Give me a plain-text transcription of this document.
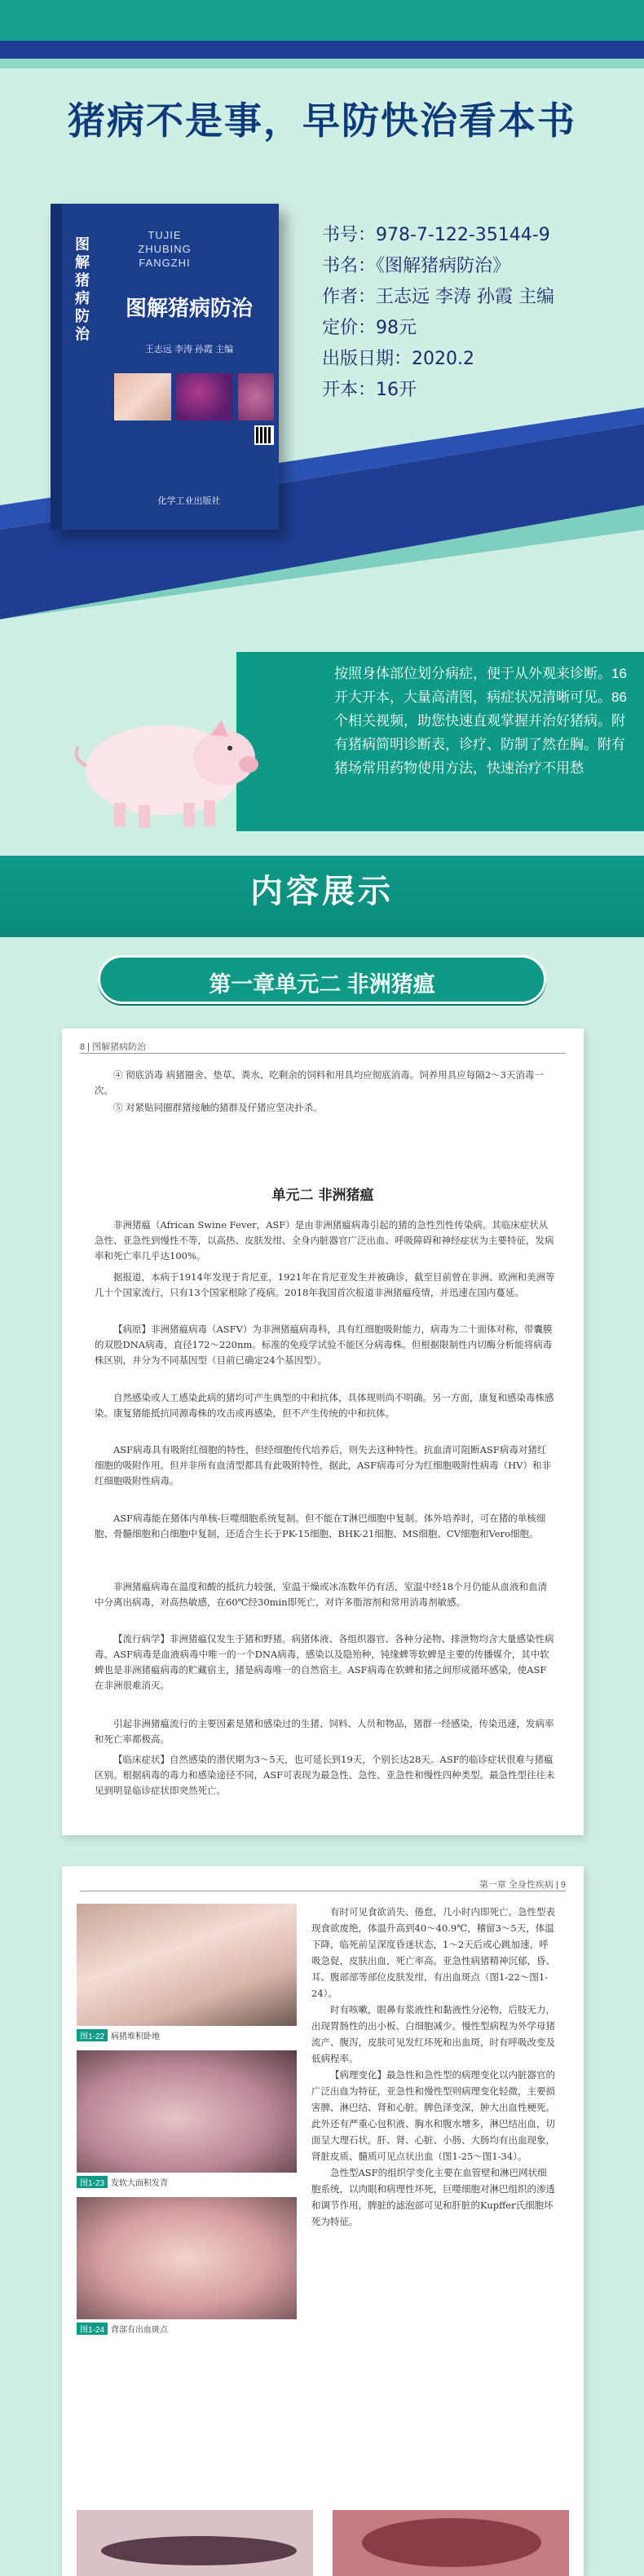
猪病不是事，早防快治看本书
TUJIE
ZHUBING
FANGZHI
图解猪病防治
图解猪病防治
王志远 李涛 孙霞 主编
化学工业出版社
书号：978-7-122-35144-9
书名：《图解猪病防治》
作者：王志远 李涛 孙霞 主编
定价：98元
出版日期：2020.2
开本：16开
按照身体部位划分病症，便于从外观来诊断。16开大开本，大量高清图，病症状况清晰可见。86个相关视频，助您快速直观掌握并治好猪病。附有猪病简明诊断表，诊疗、防制了然在胸。附有猪场常用药物使用方法，快速治疗不用愁
内容展示
第一章单元二 非洲猪瘟
8 | 图解猪病防治
④ 彻底消毒 病猪圈舍、垫草、粪水、吃剩余的饲料和用具均应彻底消毒。饲养用具应每隔2～3天消毒一次。
⑤ 对紧贴同圈群猪接触的猪群及仔猪应坚决扑杀。
单元二 非洲猪瘟
非洲猪瘟（African Swine Fever，ASF）是由非洲猪瘟病毒引起的猪的急性烈性传染病。其临床症状从急性、亚急性到慢性不等，以高热、皮肤发绀、全身内脏器官广泛出血、呼吸障碍和神经症状为主要特征，发病率和死亡率几乎达100%。
据报道，本病于1914年发现于肯尼亚，1921年在肯尼亚发生并被确诊，截至目前曾在非洲、欧洲和美洲等几十个国家流行，只有13个国家根除了疫病。2018年我国首次报道非洲猪瘟疫情，并迅速在国内蔓延。
【病原】非洲猪瘟病毒（ASFV）为非洲猪瘟病毒科，具有红细胞吸附能力，病毒为二十面体对称，带囊膜的双股DNA病毒，直径172～220nm。标准的免疫学试验不能区分病毒株。但根据限制性内切酶分析能将病毒株区别，并分为不同基因型（目前已确定24个基因型）。
自然感染或人工感染此病的猪均可产生典型的中和抗体，具体规则尚不明确。另一方面，康复和感染毒株感染。康复猪能抵抗同源毒株的攻击或再感染，但不产生传统的中和抗体。
ASF病毒具有吸附红细胞的特性，但经细胞传代培养后，则失去这种特性。抗血清可阻断ASF病毒对猪红细胞的吸附作用。但并非所有血清型都具有此吸附特性，据此，ASF病毒可分为红细胞吸附性病毒（HV）和非红细胞吸附性病毒。
ASF病毒能在猪体内单核-巨噬细胞系统复制。但不能在T淋巴细胞中复制。体外培养时，可在猪的单核细胞、骨髓细胞和白细胞中复制，还适合生长于PK-15细胞、BHK-21细胞、MS细胞、CV细胞和Vero细胞。
非洲猪瘟病毒在温度和酸的抵抗力较强，室温干燥或冰冻数年仍有活，室温中经18个月仍能从血液和血清中分离出病毒，对高热敏感，在60℃经30min即死亡，对许多脂溶剂和常用消毒剂敏感。
【流行病学】非洲猪瘟仅发生于猪和野猪。病猪体液、各组织器官、各种分泌物、排泄物均含大量感染性病毒。ASF病毒是血液病毒中唯一的一个DNA病毒，感染以及隐殆种，钝缘蜱等软蜱是主要的传播媒介，其中软蜱也是非洲猪瘟病毒的贮藏宿主，猪是病毒唯一的自然宿主。ASF病毒在软蜱和猪之间形成循环感染，使ASF在非洲很难消灭。
引起非洲猪瘟流行的主要因素是猪和感染过的生猪、饲料、人员和物品，猪群一经感染，传染迅速，发病率和死亡率都极高。
【临床症状】自然感染的潜伏期为3～5天，也可延长到19天，个别长达28天。ASF的临诊症状很难与猪瘟区别。根据病毒的毒力和感染途径不同，ASF可表现为最急性、急性、亚急性和慢性四种类型。最急性型往往未见到明显临诊症状即突然死亡。
第一章 全身性疾病 | 9
图1-22 病猪堆积卧地
图1-23 发软大面积发青
图1-24 背部有出血斑点

有时可见食欲消失、倦怠，几小时内即死亡。急性型表现食欲废绝，体温升高到40～40.9℃，稽留3～5天，体温下降，临死前呈深度昏迷状态，1～2天后或心跳加速，呼吸急促，皮肤出血，死亡率高。亚急性病猪精神沉郁，昏、耳、腹部部等部位皮肤发绀，有出血斑点（图1-22～图1-24）。

时有咳嗽，眼鼻有浆液性和黏液性分泌物，后肢无力，出现胃肠性的出小板、白细胞减少。慢性型病程为外学母猪流产、腹泻，皮肤可见发红坏死和出血斑，时有呼吸改变及低病程率。

【病理变化】最急性和急性型的病理变化以内脏器官的广泛出血为特征，亚急性和慢性型则病理变化轻微，主要损害脾、淋巴结、肾和心脏。脾色泽变深，肿大出血性梗死。此外还有严重心包积液、胸水和腹水增多，淋巴结出血，切面呈大理石状，肝、肾、心脏、小肠、大肠均有出血现象，肾脏皮质、髓质可见点状出血（图1-25～图1-34）。

急性型ASF的组织学变化主要在血管壁和淋巴网状细胞系统，以肉眼和病理性坏死，巨噬细胞对淋巴组织的渗透和调节作用，脾脏的滤泡部可见和肝脏的Kupffer氏细胞坏死为特征。
